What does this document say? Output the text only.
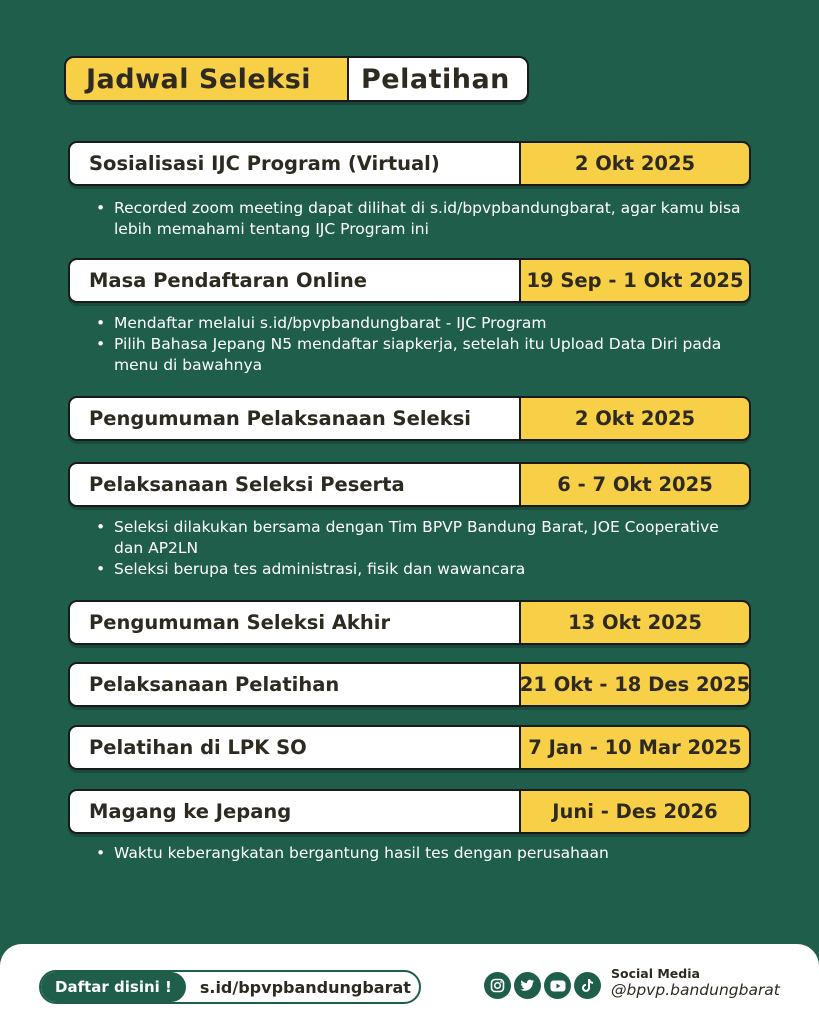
Jadwal Seleksi Pelatihan
Sosialisasi IJC Program (Virtual)	2 Okt 2025
• Recorded zoom meeting dapat dilihat di s.id/bpvpbandungbarat, agar kamu bisa lebih memahami tentang IJC Program ini
Masa Pendaftaran Online	19 Sep - 1 Okt 2025
• Mendaftar melalui s.id/bpvpbandungbarat - IJC Program
• Pilih Bahasa Jepang N5 mendaftar siapkerja, setelah itu Upload Data Diri pada menu di bawahnya
Pengumuman Pelaksanaan Seleksi	2 Okt 2025
Pelaksanaan Seleksi Peserta	6 - 7 Okt 2025
• Seleksi dilakukan bersama dengan Tim BPVP Bandung Barat, JOE Cooperative dan AP2LN
• Seleksi berupa tes administrasi, fisik dan wawancara
Pengumuman Seleksi Akhir	13 Okt 2025
Pelaksanaan Pelatihan	21 Okt - 18 Des 2025
Pelatihan di LPK SO	7 Jan - 10 Mar 2025
Magang ke Jepang	Juni - Des 2026
• Waktu keberangkatan bergantung hasil tes dengan perusahaan
Daftar disini !	s.id/bpvpbandungbarat
Social Media
@bpvp.bandungbarat
